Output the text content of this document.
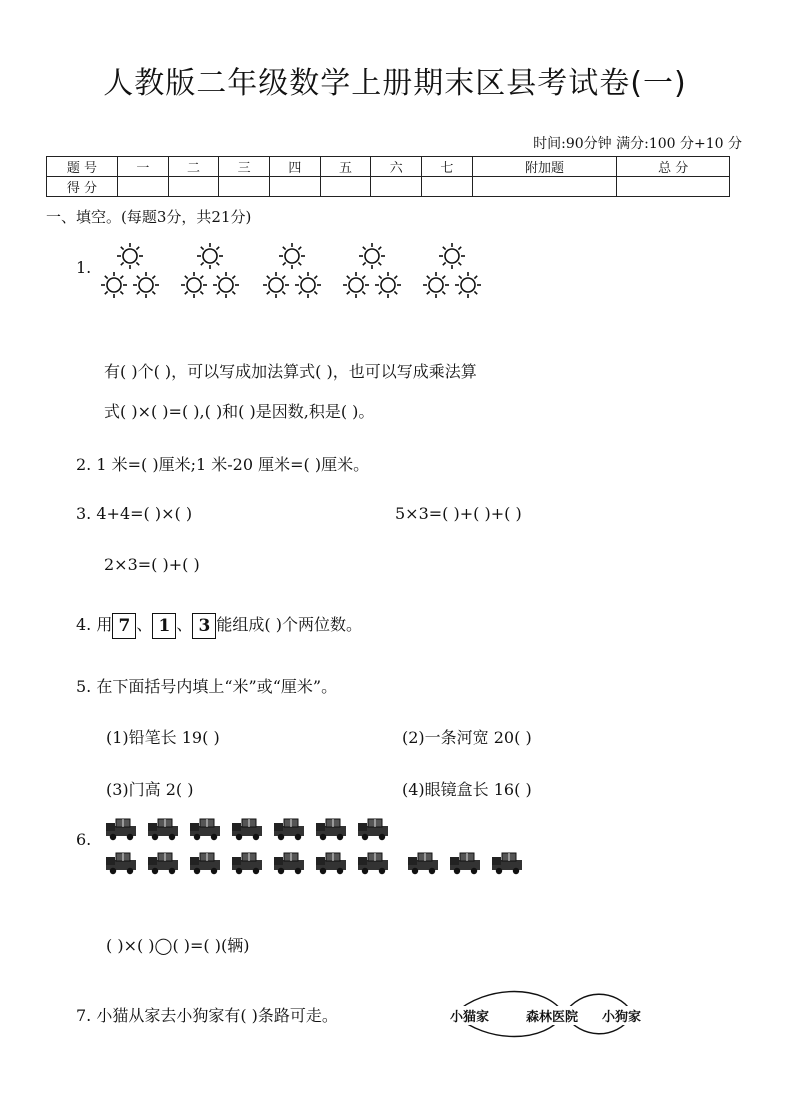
人教版二年级数学上册期末区县考试卷(一)
时间:90分钟 满分:100 分+10 分
题 号	一	二	三	四	五	六	七	附加题	总 分
得 分									
一、填空。(每题3分，共21分)
1.
有( )个( )，可以写成加法算式( )，也可以写成乘法算
式( )×( )=( ),( )和( )是因数,积是( )。
2. 1 米=( )厘米;1 米-20 厘米=( )厘米。
3. 4+4=( )×( )	5×3=( )+( )+( )
2×3=( )+( )
4. 用 7 、 1 、 3 能组成( )个两位数。
5. 在下面括号内填上“米”或“厘米”。
(1)铅笔长 19( )	(2)一条河宽 20( )
(3)门高 2( )	(4)眼镜盒长 16( )
6.
( )×( )◯( )=( )(辆)
7. 小猫从家去小狗家有( )条路可走。	小猫家	森林医院 小狗家
